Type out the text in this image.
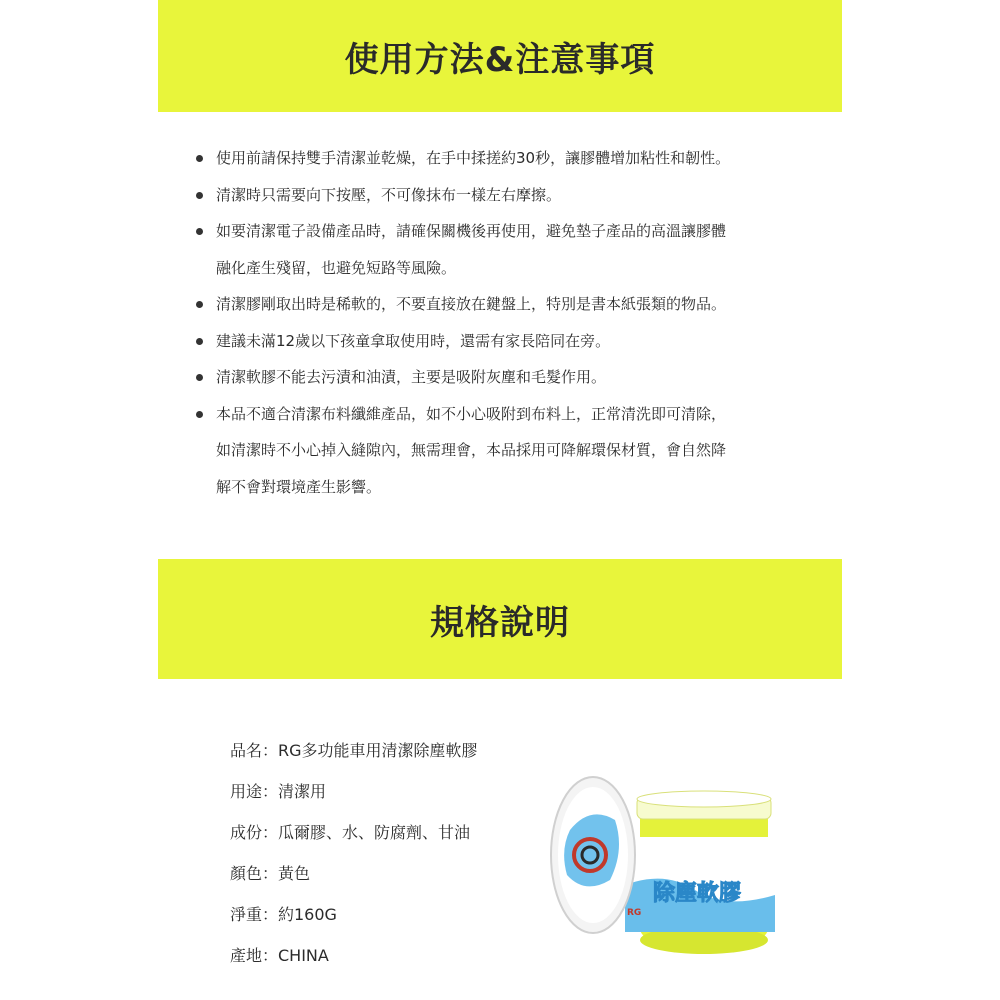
使用方法&注意事項
使用前請保持雙手清潔並乾燥，在手中揉搓約30秒，讓膠體增加粘性和韌性。
清潔時只需要向下按壓，不可像抹布一樣左右摩擦。
如要清潔電子設備產品時，請確保關機後再使用，避免墊子產品的高溫讓膠體
融化產生殘留，也避免短路等風險。
清潔膠剛取出時是稀軟的，不要直接放在鍵盤上，特別是書本紙張類的物品。
建議未滿12歲以下孩童拿取使用時，還需有家長陪同在旁。
清潔軟膠不能去污漬和油漬，主要是吸附灰塵和毛髮作用。
本品不適合清潔布料纖維產品，如不小心吸附到布料上，正常清洗即可清除，
如清潔時不小心掉入縫隙內，無需理會，本品採用可降解環保材質，會自然降
解不會對環境產生影響。
規格說明
品名：RG多功能車用清潔除塵軟膠
用途：清潔用
成份：瓜爾膠、水、防腐劑、甘油
顏色：黃色
淨重：約160G
產地：CHINA
除塵軟膠
RG
